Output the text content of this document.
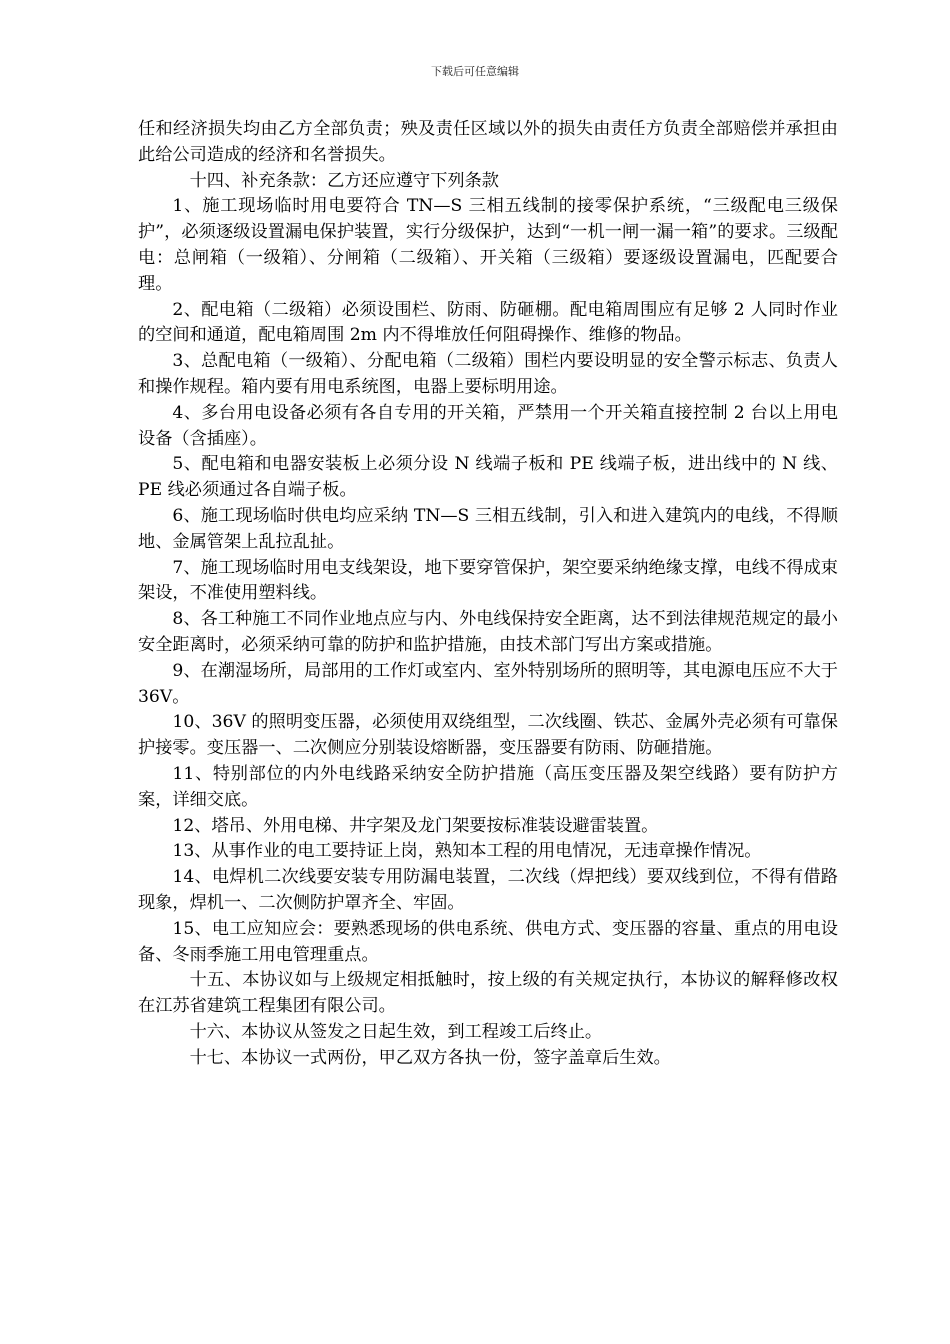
下载后可任意编辑

任和经济损失均由乙方全部负责；殃及责任区域以外的损失由责任方负责全部赔偿并承担由此给公司造成的经济和名誉损失。

十四、补充条款：乙方还应遵守下列条款

1、施工现场临时用电要符合 TN—S 三相五线制的接零保护系统，“三级配电三级保护”，必须逐级设置漏电保护装置，实行分级保护，达到“一机一闸一漏一箱”的要求。三级配电：总闸箱（一级箱）、分闸箱（二级箱）、开关箱（三级箱）要逐级设置漏电，匹配要合理。

2、配电箱（二级箱）必须设围栏、防雨、防砸棚。配电箱周围应有足够 2 人同时作业的空间和通道，配电箱周围 2m 内不得堆放任何阻碍操作、维修的物品。

3、总配电箱（一级箱）、分配电箱（二级箱）围栏内要设明显的安全警示标志、负责人和操作规程。箱内要有用电系统图，电器上要标明用途。

4、多台用电设备必须有各自专用的开关箱，严禁用一个开关箱直接控制 2 台以上用电设备（含插座）。

5、配电箱和电器安装板上必须分设 N 线端子板和 PE 线端子板，进出线中的 N 线、PE 线必须通过各自端子板。

6、施工现场临时供电均应采纳 TN—S 三相五线制，引入和进入建筑内的电线，不得顺地、金属管架上乱拉乱扯。

7、施工现场临时用电支线架设，地下要穿管保护，架空要采纳绝缘支撑，电线不得成束架设，不准使用塑料线。

8、各工种施工不同作业地点应与内、外电线保持安全距离，达不到法律规范规定的最小安全距离时，必须采纳可靠的防护和监护措施，由技术部门写出方案或措施。

9、在潮湿场所，局部用的工作灯或室内、室外特别场所的照明等，其电源电压应不大于 36V。

10、36V 的照明变压器，必须使用双绕组型，二次线圈、铁芯、金属外壳必须有可靠保护接零。变压器一、二次侧应分别装设熔断器，变压器要有防雨、防砸措施。

11、特别部位的内外电线路采纳安全防护措施（高压变压器及架空线路）要有防护方案，详细交底。

12、塔吊、外用电梯、井字架及龙门架要按标准装设避雷装置。

13、从事作业的电工要持证上岗，熟知本工程的用电情况，无违章操作情况。

14、电焊机二次线要安装专用防漏电装置，二次线（焊把线）要双线到位，不得有借路现象，焊机一、二次侧防护罩齐全、牢固。

15、电工应知应会：要熟悉现场的供电系统、供电方式、变压器的容量、重点的用电设备、冬雨季施工用电管理重点。

十五、本协议如与上级规定相抵触时，按上级的有关规定执行，本协议的解释修改权在江苏省建筑工程集团有限公司。

十六、本协议从签发之日起生效，到工程竣工后终止。

十七、本协议一式两份，甲乙双方各执一份，签字盖章后生效。
